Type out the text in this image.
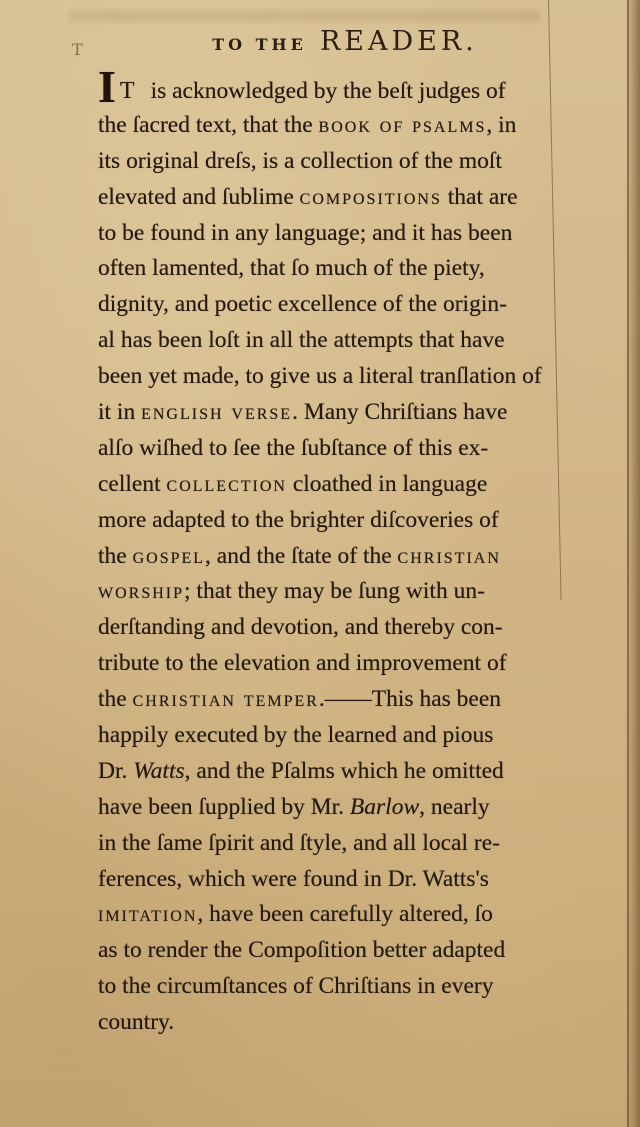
T	TO THE READER.
I T is acknowledged by the beſt judges of
the ſacred text, that the book of psalms, in
its original dreſs, is a collection of the moſt
elevated and ſublime compositions that are
to be found in any language; and it has been
often lamented, that ſo much of the piety,
dignity, and poetic excellence of the origin-
al has been loſt in all the attempts that have
been yet made, to give us a literal tranſlation of
it in english verse. Many Chriſtians have
alſo wiſhed to ſee the ſubſtance of this ex-
cellent collection cloathed in language
more adapted to the brighter diſcoveries of
the gospel, and the ſtate of the christian
worship; that they may be ſung with un-
derſtanding and devotion, and thereby con-
tribute to the elevation and improvement of
the christian temper.——This has been
happily executed by the learned and pious
Dr. Watts, and the Pſalms which he omitted
have been ſupplied by Mr. Barlow, nearly
in the ſame ſpirit and ſtyle, and all local re-
ferences, which were found in Dr. Watts's
imitation, have been carefully altered, ſo
as to render the Compoſition better adapted
to the circumſtances of Chriſtians in every
country.
